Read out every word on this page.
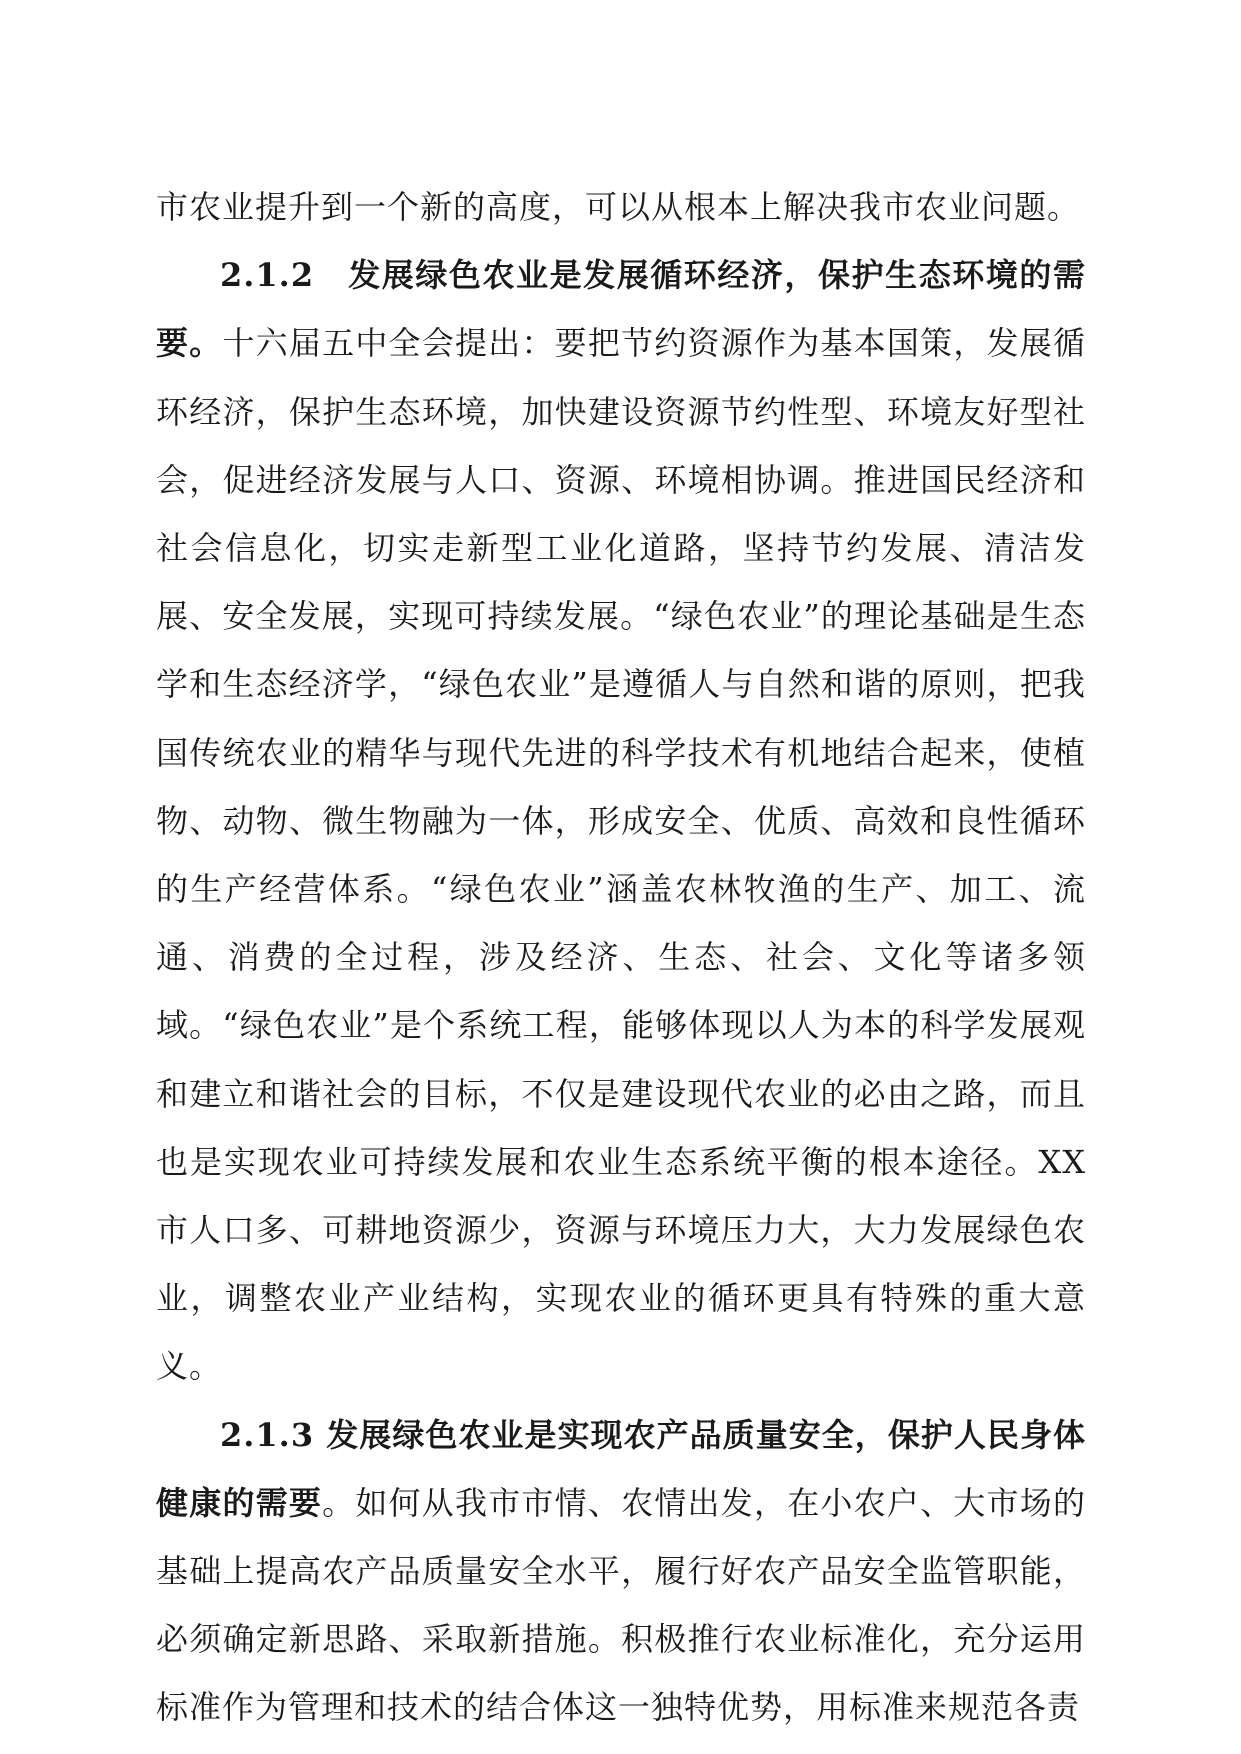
市农业提升到一个新的高度，可以从根本上解决我市农业问题。

2.1.2　发展绿色农业是发展循环经济，保护生态环境的需要。十六届五中全会提出：要把节约资源作为基本国策，发展循环经济，保护生态环境，加快建设资源节约性型、环境友好型社会，促进经济发展与人口、资源、环境相协调。推进国民经济和社会信息化，切实走新型工业化道路，坚持节约发展、清洁发展、安全发展，实现可持续发展。“绿色农业”的理论基础是生态学和生态经济学，“绿色农业”是遵循人与自然和谐的原则，把我国传统农业的精华与现代先进的科学技术有机地结合起来，使植物、动物、微生物融为一体，形成安全、优质、高效和良性循环的生产经营体系。“绿色农业”涵盖农林牧渔的生产、加工、流通、消费的全过程，涉及经济、生态、社会、文化等诸多领域。“绿色农业”是个系统工程，能够体现以人为本的科学发展观和建立和谐社会的目标，不仅是建设现代农业的必由之路，而且也是实现农业可持续发展和农业生态系统平衡的根本途径。XX市人口多、可耕地资源少，资源与环境压力大，大力发展绿色农业，调整农业产业结构，实现农业的循环更具有特殊的重大意义。

2.1.3 发展绿色农业是实现农产品质量安全，保护人民身体健康的需要。如何从我市市情、农情出发，在小农户、大市场的基础上提高农产品质量安全水平，履行好农产品安全监管职能，必须确定新思路、采取新措施。积极推行农业标准化，充分运用标准作为管理和技术的结合体这一独特优势，用标准来规范各责
